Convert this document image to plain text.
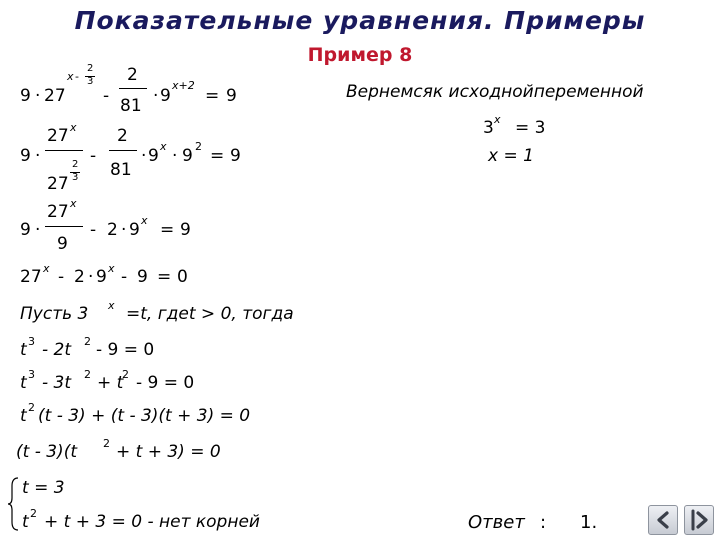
Показательные уравнения. Примеры
Пример 8
9 · 27
x -
2
3
-
2
81 · 9
x+2
= 9
9 ·
27 x
27
2
3
-
2
81
· 9 x · 9 2 = 9
9 ·
27 x
9
- 2 · 9 x = 9
27 x - 2 · 9 x - 9 = 0
Пусть 3 x =t, гдеt > 0, тогда
t 3 - 2t 2 - 9 = 0
t 3 - 3t 2 + t
2 - 9 = 0
t 2 (t - 3) + (t - 3)(t + 3) = 0
(t - 3)(t 2 + t + 3) = 0
t = 3
t 2 + t + 3 = 0 - нет корней
Вернемсяк исходнойпеременной
3 x = 3
x = 1
Ответ : 1.
